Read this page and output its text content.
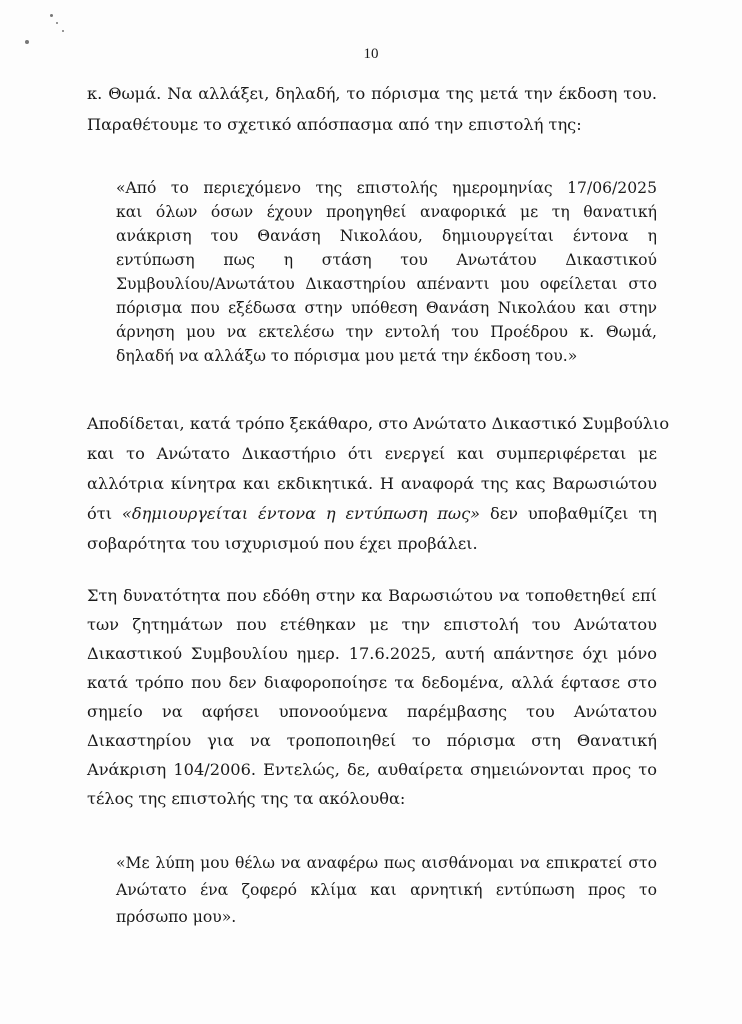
10

κ. Θωμά. Να αλλάξει, δηλαδή, το πόρισμα της μετά την έκδοση του.

Παραθέτουμε το σχετικό απόσπασμα από την επιστολή της:

«Από το περιεχόμενο της επιστολής ημερομηνίας 17/06/2025

και όλων όσων έχουν προηγηθεί αναφορικά με τη θανατική

ανάκριση του Θανάση Νικολάου, δημιουργείται έντονα η

εντύπωση πως η στάση του Ανωτάτου Δικαστικού

Συμβουλίου/Ανωτάτου Δικαστηρίου απέναντι μου οφείλεται στο

πόρισμα που εξέδωσα στην υπόθεση Θανάση Νικολάου και στην

άρνηση μου να εκτελέσω την εντολή του Προέδρου κ. Θωμά,

δηλαδή να αλλάξω το πόρισμα μου μετά την έκδοση του.»

Αποδίδεται, κατά τρόπο ξεκάθαρο, στο Ανώτατο Δικαστικό Συμβούλιο

και το Ανώτατο Δικαστήριο ότι ενεργεί και συμπεριφέρεται με

αλλότρια κίνητρα και εκδικητικά. Η αναφορά της κας Βαρωσιώτου

ότι «δημιουργείται έντονα η εντύπωση πως» δεν υποβαθμίζει τη

σοβαρότητα του ισχυρισμού που έχει προβάλει.

Στη δυνατότητα που εδόθη στην κα Βαρωσιώτου να τοποθετηθεί επί

των ζητημάτων που ετέθηκαν με την επιστολή του Ανώτατου

Δικαστικού Συμβουλίου ημερ. 17.6.2025, αυτή απάντησε όχι μόνο

κατά τρόπο που δεν διαφοροποίησε τα δεδομένα, αλλά έφτασε στο

σημείο να αφήσει υπονοούμενα παρέμβασης του Ανώτατου

Δικαστηρίου για να τροποποιηθεί το πόρισμα στη Θανατική

Ανάκριση 104/2006. Εντελώς, δε, αυθαίρετα σημειώνονται προς το

τέλος της επιστολής της τα ακόλουθα:

«Με λύπη μου θέλω να αναφέρω πως αισθάνομαι να επικρατεί στο

Ανώτατο ένα ζοφερό κλίμα και αρνητική εντύπωση προς το

πρόσωπο μου».
